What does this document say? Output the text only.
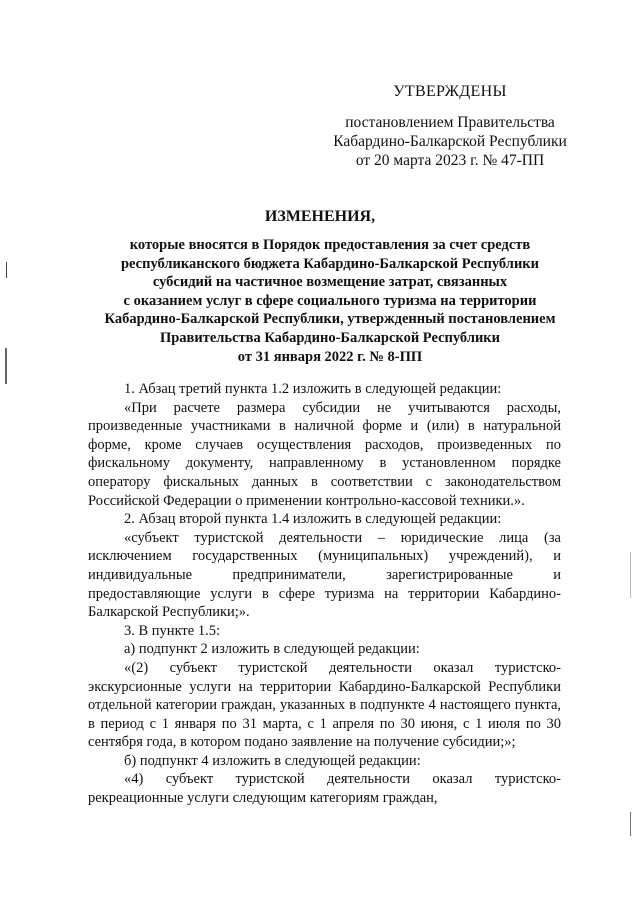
УТВЕРЖДЕНЫ
постановлением Правительства
Кабардино-Балкарской Республики
от 20 марта 2023 г. № 47-ПП
ИЗМЕНЕНИЯ,
которые вносятся в Порядок предоставления за счет средств
республиканского бюджета Кабардино-Балкарской Республики
субсидий на частичное возмещение затрат, связанных
с оказанием услуг в сфере социального туризма на территории
Кабардино-Балкарской Республики, утвержденный постановлением
Правительства Кабардино-Балкарской Республики
от 31 января 2022 г. № 8-ПП

1. Абзац третий пункта 1.2 изложить в следующей редакции:

«При расчете размера субсидии не учитываются расходы, произведенные участниками в наличной форме и (или) в натуральной форме, кроме случаев осуществления расходов, произведенных по фискальному документу, направленному в установленном порядке оператору фискальных данных в соответствии с законодательством Российской Федерации о применении контрольно-кассовой техники.».

2. Абзац второй пункта 1.4 изложить в следующей редакции:

«субъект туристской деятельности – юридические лица (за исключением государственных (муниципальных) учреждений), и индивидуальные предприниматели, зарегистрированные и предоставляющие услуги в сфере туризма на территории Кабардино-Балкарской Республики;».

3. В пункте 1.5:

а) подпункт 2 изложить в следующей редакции:

«(2) субъект туристской деятельности оказал туристско-экскурсионные услуги на территории Кабардино-Балкарской Республики отдельной категории граждан, указанных в подпункте 4 настоящего пункта, в период с 1 января по 31 марта, с 1 апреля по 30 июня, с 1 июля по 30 сентября года, в котором подано заявление на получение субсидии;»;

б) подпункт 4 изложить в следующей редакции:

«4) субъект туристской деятельности оказал туристско-рекреационные услуги следующим категориям граждан,
